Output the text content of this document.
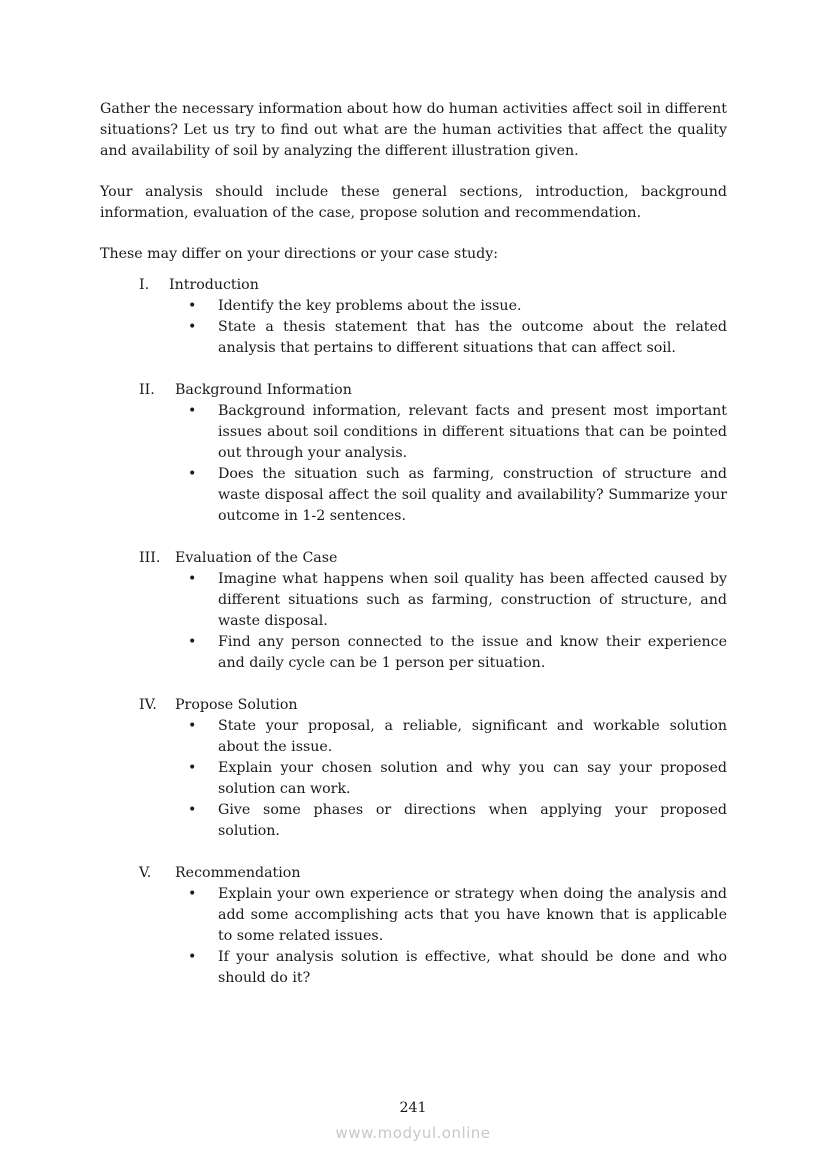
Gather the necessary information about how do human activities affect soil in different situations? Let us try to find out what are the human activities that affect the quality and availability of soil by analyzing the different illustration given.

Your analysis should include these general sections, introduction, background information, evaluation of the case, propose solution and recommendation.

These may differ on your directions or your case study:

I.	Introduction
• Identify the key problems about the issue.
• State a thesis statement that has the outcome about the related analysis that pertains to different situations that can affect soil.
II.	Background Information
• Background information, relevant facts and present most important issues about soil conditions in different situations that can be pointed out through your analysis.
• Does the situation such as farming, construction of structure and waste disposal affect the soil quality and availability? Summarize your outcome in 1-2 sentences.
III.	Evaluation of the Case
• Imagine what happens when soil quality has been affected caused by different situations such as farming, construction of structure, and waste disposal.
• Find any person connected to the issue and know their experience and daily cycle can be 1 person per situation.
IV.	Propose Solution
• State your proposal, a reliable, significant and workable solution about the issue.
• Explain your chosen solution and why you can say your proposed solution can work.
• Give some phases or directions when applying your proposed solution.
V.	Recommendation
• Explain your own experience or strategy when doing the analysis and add some accomplishing acts that you have known that is applicable to some related issues.
• If your analysis solution is effective, what should be done and who should do it?
241
www.modyul.online
